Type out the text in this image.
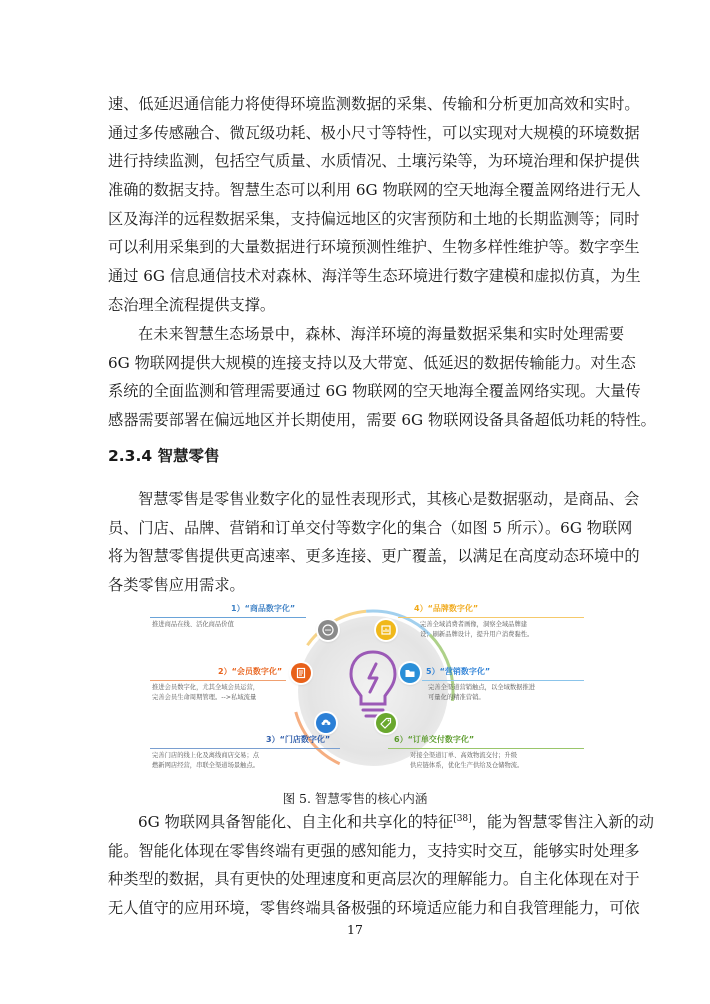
速、低延迟通信能力将使得环境监测数据的采集、传输和分析更加高效和实时。
通过多传感融合、微瓦级功耗、极小尺寸等特性，可以实现对大规模的环境数据
进行持续监测，包括空气质量、水质情况、土壤污染等，为环境治理和保护提供
准确的数据支持。智慧生态可以利用 6G 物联网的空天地海全覆盖网络进行无人
区及海洋的远程数据采集，支持偏远地区的灾害预防和土地的长期监测等；同时
可以利用采集到的大量数据进行环境预测性维护、生物多样性维护等。数字孪生
通过 6G 信息通信技术对森林、海洋等生态环境进行数字建模和虚拟仿真，为生
态治理全流程提供支撑。
在未来智慧生态场景中，森林、海洋环境的海量数据采集和实时处理需要
6G 物联网提供大规模的连接支持以及大带宽、低延迟的数据传输能力。对生态
系统的全面监测和管理需要通过 6G 物联网的空天地海全覆盖网络实现。大量传
感器需要部署在偏远地区并长期使用，需要 6G 物联网设备具备超低功耗的特性。
2.3.4 智慧零售
智慧零售是零售业数字化的显性表现形式，其核心是数据驱动，是商品、会
员、门店、品牌、营销和订单交付等数字化的集合（如图 5 所示）。6G 物联网
将为智慧零售提供更高速率、更多连接、更广覆盖，以满足在高度动态环境中的
各类零售应用需求。
1）“商品数字化”
推进商品在线、活化商品价值
2）“会员数字化”
推进会员数字化，尤其全域会员运营，
完善会员生命周期管理。-->私域流量
3）“门店数字化”
完善门店的线上化及离线商店交易；点
燃新网店经营，串联全渠道场景触点。
4）“品牌数字化”
完善全域消费者画像，洞察全域品牌建
设；刷新品牌设计，提升用户消费黏性。
5）“营销数字化”
完善全渠道营销触点，以全域数据推进
可量化的精准营销。
6）“订单交付数字化”
对接全渠道订单、高效物流交付；升级
供应链体系，优化生产供给及仓储物流。
图 5. 智慧零售的核心内涵
6G 物联网具备智能化、自主化和共享化的特征[38]，能为智慧零售注入新的动
能。智能化体现在零售终端有更强的感知能力，支持实时交互，能够实时处理多
种类型的数据，具有更快的处理速度和更高层次的理解能力。自主化体现在对于
无人值守的应用环境，零售终端具备极强的环境适应能力和自我管理能力，可依
17
